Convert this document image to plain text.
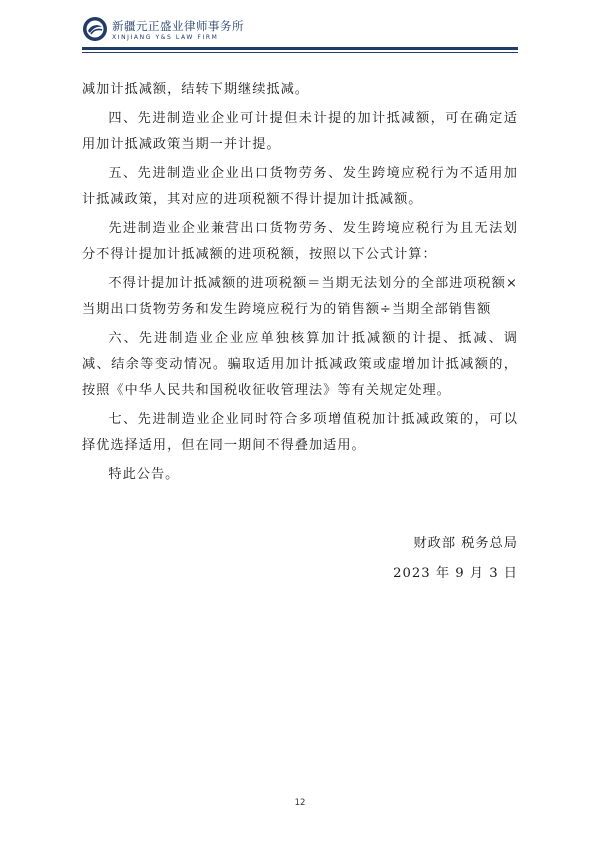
新疆元正盛业律师事务所
XINJIANG Y&S LAW FIRM

减加计抵减额，结转下期继续抵减。

四、先进制造业企业可计提但未计提的加计抵减额，可在确定适用加计抵减政策当期一并计提。

五、先进制造业企业出口货物劳务、发生跨境应税行为不适用加计抵减政策，其对应的进项税额不得计提加计抵减额。

先进制造业企业兼营出口货物劳务、发生跨境应税行为且无法划分不得计提加计抵减额的进项税额，按照以下公式计算：

不得计提加计抵减额的进项税额＝当期无法划分的全部进项税额×当期出口货物劳务和发生跨境应税行为的销售额÷当期全部销售额

六、先进制造业企业应单独核算加计抵减额的计提、抵减、调减、结余等变动情况。骗取适用加计抵减政策或虚增加计抵减额的，按照《中华人民共和国税收征收管理法》等有关规定处理。

七、先进制造业企业同时符合多项增值税加计抵减政策的，可以择优选择适用，但在同一期间不得叠加适用。

特此公告。

财政部 税务总局
2023 年 9 月 3 日
12
